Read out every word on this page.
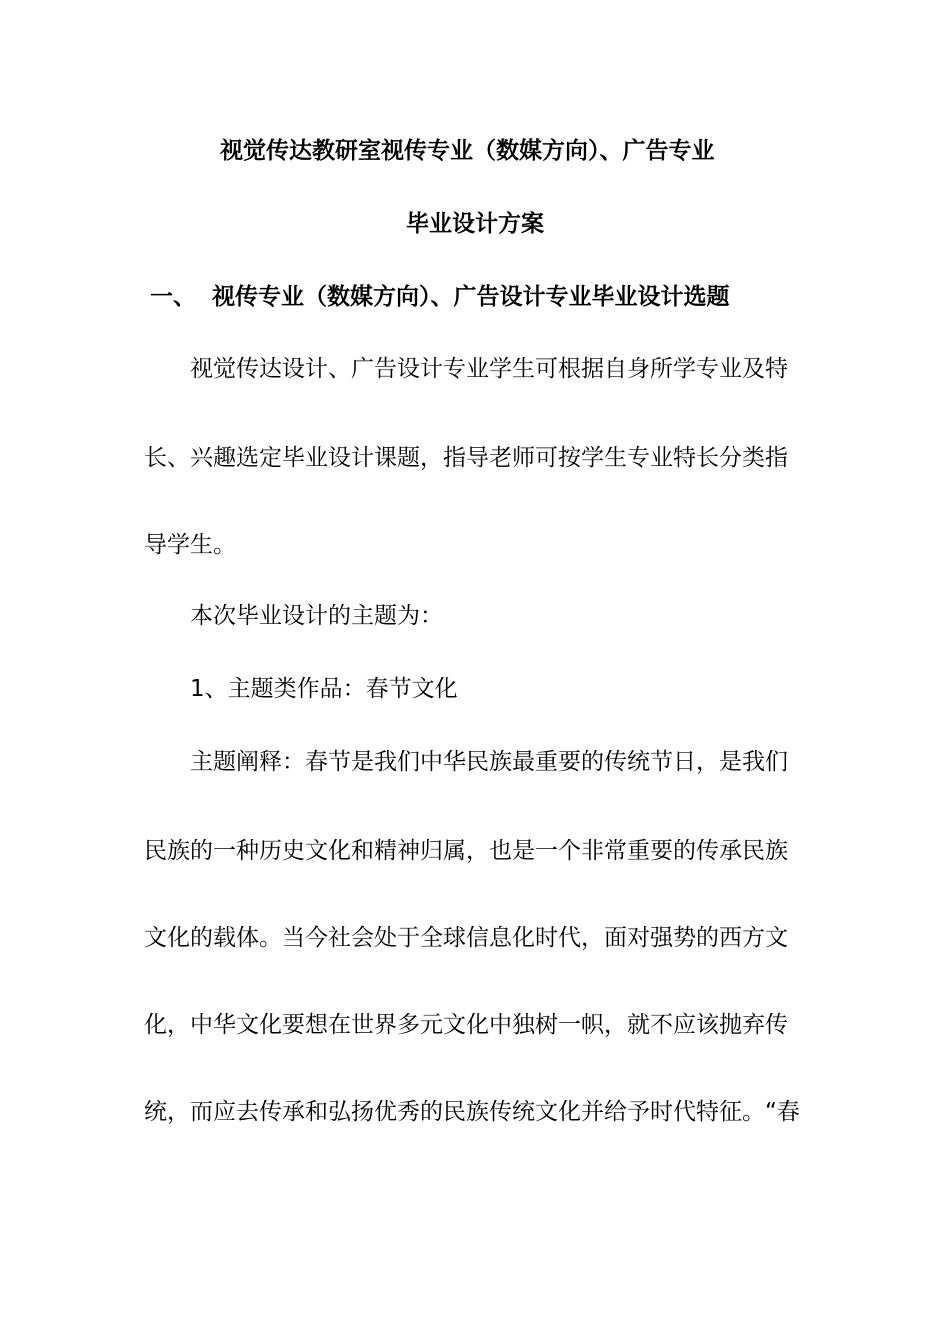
视觉传达教研室视传专业（数媒方向）、广告专业
毕业设计方案
一、 视传专业（数媒方向）、广告设计专业毕业设计选题
视觉传达设计、广告设计专业学生可根据自身所学专业及特
长、兴趣选定毕业设计课题，指导老师可按学生专业特长分类指
导学生。
本次毕业设计的主题为：
1、主题类作品：春节文化
主题阐释：春节是我们中华民族最重要的传统节日，是我们
民族的一种历史文化和精神归属，也是一个非常重要的传承民族
文化的载体。当今社会处于全球信息化时代，面对强势的西方文
化，中华文化要想在世界多元文化中独树一帜，就不应该抛弃传
统，而应去传承和弘扬优秀的民族传统文化并给予时代特征。“春
